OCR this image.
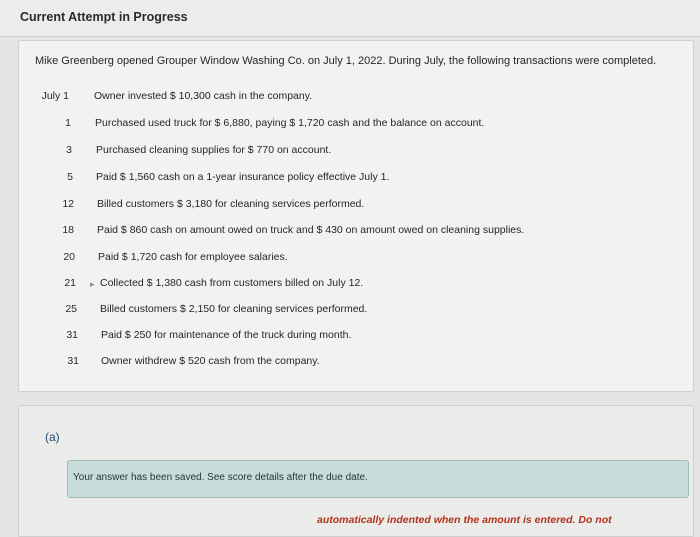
Current Attempt in Progress
Mike Greenberg opened Grouper Window Washing Co. on July 1, 2022. During July, the following transactions were completed.
July 1 Owner invested $ 10,300 cash in the company.
1 Purchased used truck for $ 6,880, paying $ 1,720 cash and the balance on account.
3 Purchased cleaning supplies for $ 770 on account.
5 Paid $ 1,560 cash on a 1-year insurance policy effective July 1.
12 Billed customers $ 3,180 for cleaning services performed.
18 Paid $ 860 cash on amount owed on truck and $ 430 on amount owed on cleaning supplies.
20 Paid $ 1,720 cash for employee salaries.
21 ▸ Collected $ 1,380 cash from customers billed on July 12.
25 Billed customers $ 2,150 for cleaning services performed.
31 Paid $ 250 for maintenance of the truck during month.
31 Owner withdrew $ 520 cash from the company.
(a)
Your answer has been saved. See score details after the due date.
automatically indented when the amount is entered. Do not
